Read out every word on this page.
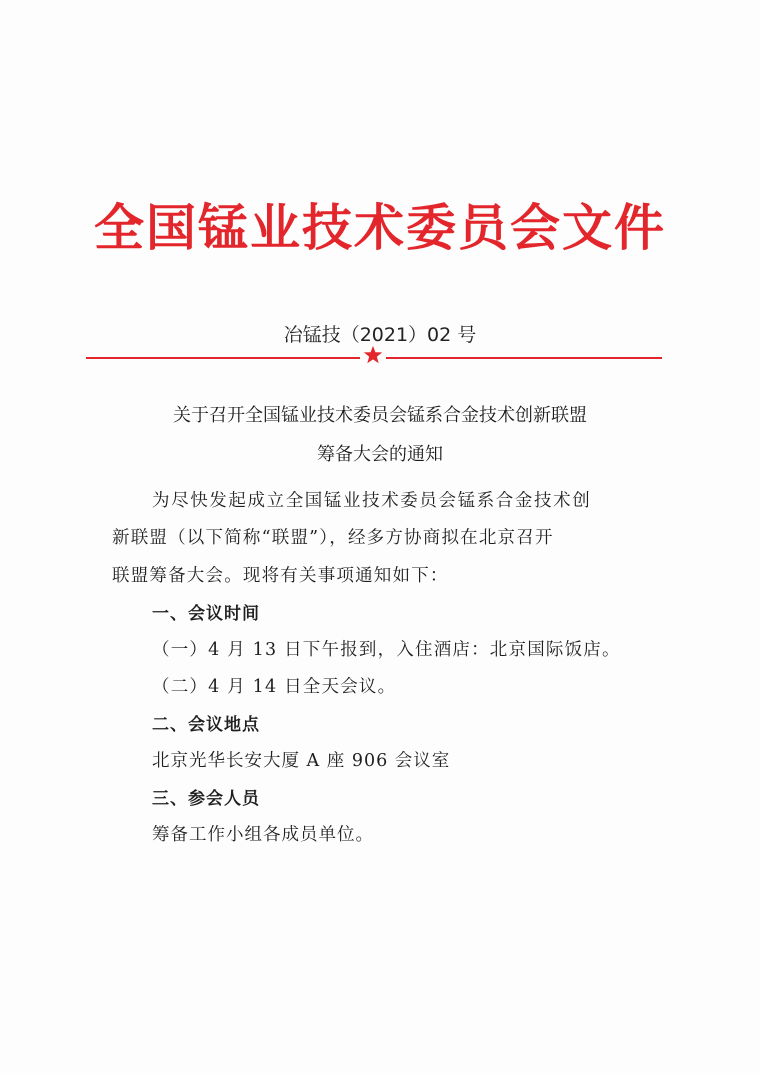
全国锰业技术委员会文件
冶锰技（2021）02 号
关于召开全国锰业技术委员会锰系合金技术创新联盟
筹备大会的通知
为尽快发起成立全国锰业技术委员会锰系合金技术创
新联盟（以下简称“联盟”），经多方协商拟在北京召开
联盟筹备大会。现将有关事项通知如下：
一、会议时间
（一）4 月 13 日下午报到，入住酒店：北京国际饭店。
（二）4 月 14 日全天会议。
二、会议地点
北京光华长安大厦 A 座 906 会议室
三、参会人员
筹备工作小组各成员单位。
